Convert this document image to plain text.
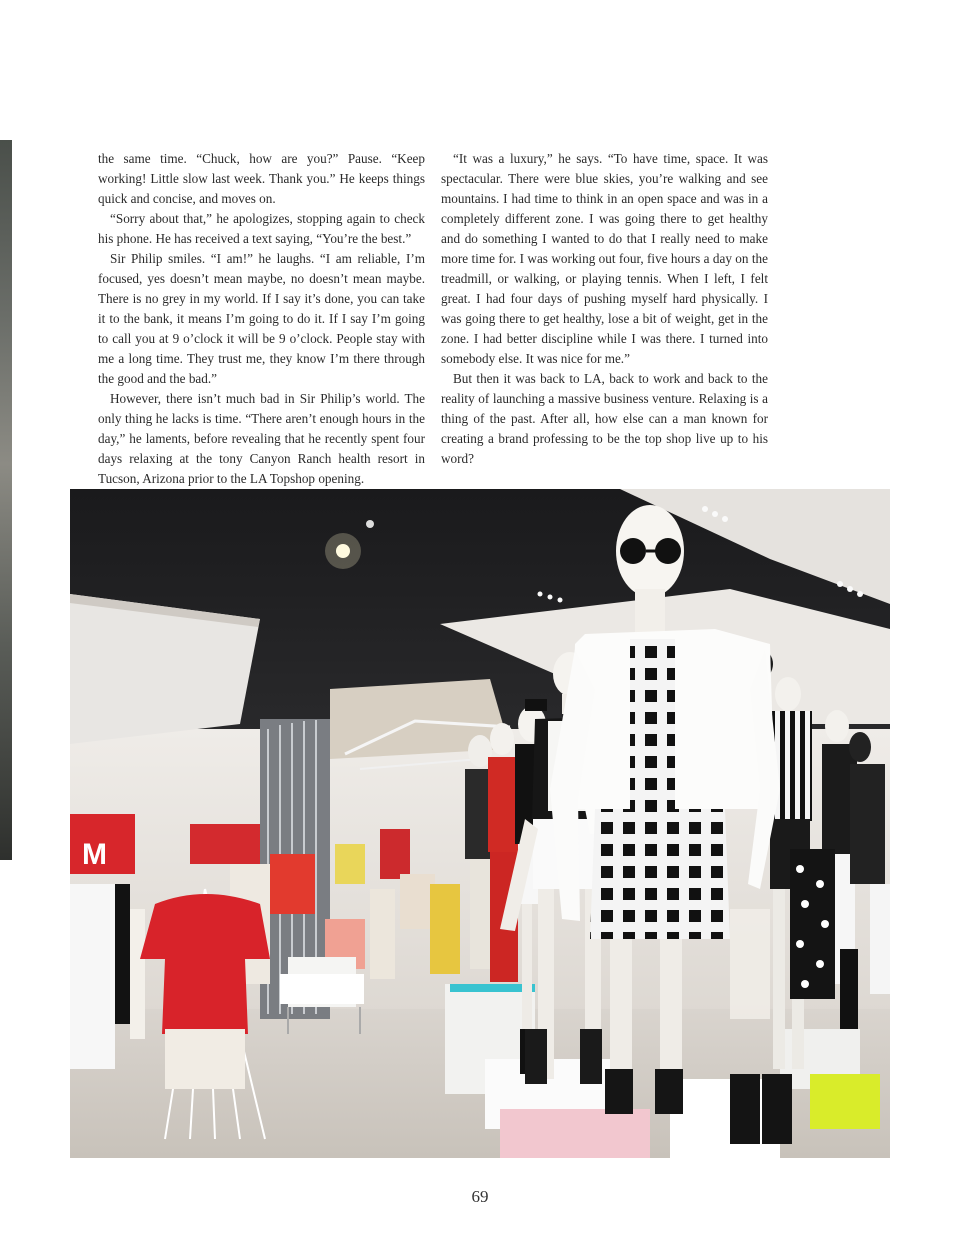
the same time. “Chuck, how are you?” Pause. “Keep working! Little slow last week. Thank you.” He keeps things quick and concise, and moves on.

“Sorry about that,” he apologizes, stopping again to check his phone. He has received a text saying, “You’re the best.”

Sir Philip smiles. “I am!” he laughs. “I am reliable, I’m focused, yes doesn’t mean maybe, no doesn’t mean maybe. There is no grey in my world. If I say it’s done, you can take it to the bank, it means I’m going to do it. If I say I’m going to call you at 9 o’clock it will be 9 o’clock. People stay with me a long time. They trust me, they know I’m there through the good and the bad.”

However, there isn’t much bad in Sir Philip’s world. The only thing he lacks is time. “There aren’t enough hours in the day,” he laments, before revealing that he recently spent four days relaxing at the tony Canyon Ranch health resort in Tucson, Arizona prior to the LA Topshop opening.

“It was a luxury,” he says. “To have time, space. It was spectacular. There were blue skies, you’re walking and see mountains. I had time to think in an open space and was in a completely different zone. I was going there to get healthy and do something I wanted to do that I really need to make more time for. I was working out four, five hours a day on the treadmill, or walking, or playing tennis. When I left, I felt great. I had four days of pushing myself hard physically. I was going there to get healthy, lose a bit of weight, get in the zone. I had better discipline while I was there. I turned into somebody else. It was nice for me.”

But then it was back to LA, back to work and back to the reality of launching a massive business venture. Relaxing is a thing of the past. After all, how else can a man known for creating a brand professing to be the top shop live up to his word?

M
69
